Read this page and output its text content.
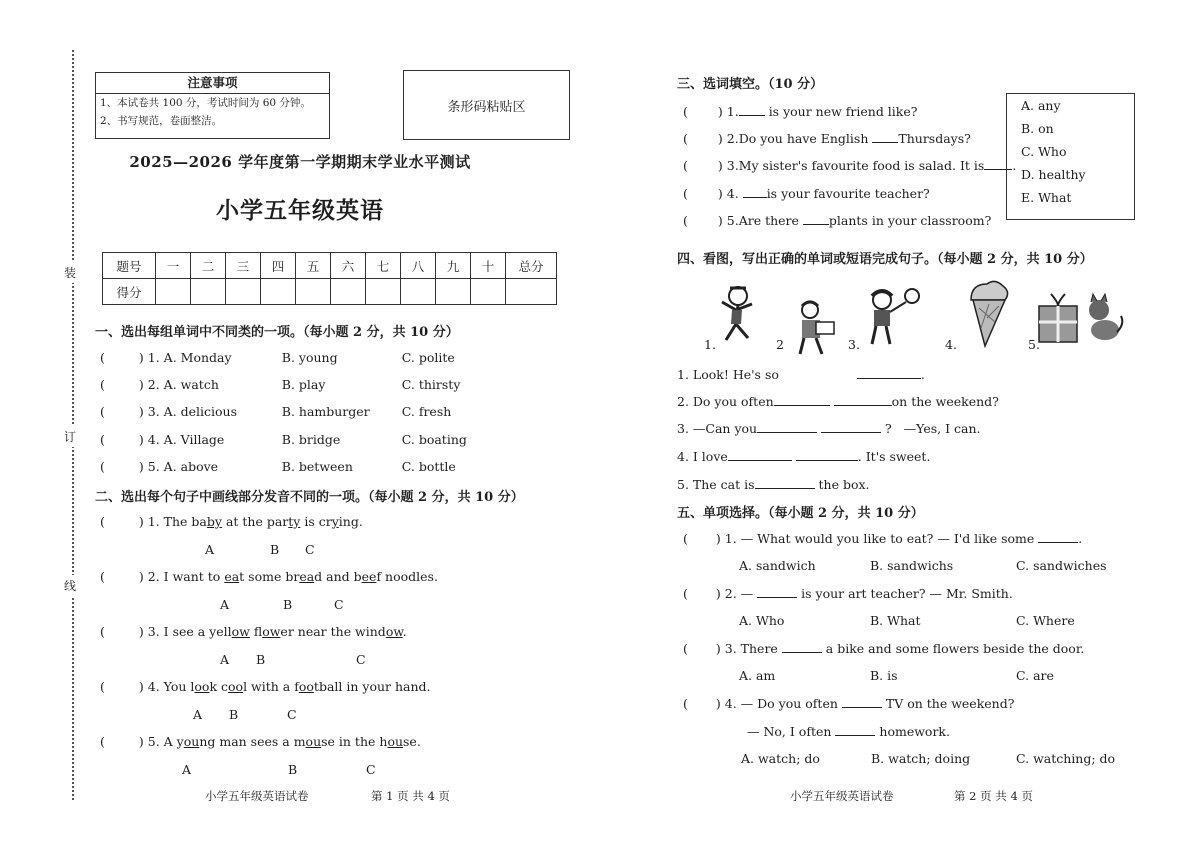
装
订
线
注意事项
1、本试卷共 100 分，考试时间为 60 分钟。
2、书写规范，卷面整洁。
条形码粘贴区
2025—2026 学年度第一学期期末学业水平测试
小学五年级英语
题号	一	二	三	四	五	六	七	八	九	十	总分
得分											
一、选出每组单词中不同类的一项。（每小题 2 分，共 10 分）
(	) 1. A. Monday	B. young	C. polite
(	) 2. A. watch	B. play	C. thirsty
(	) 3. A. delicious	B. hamburger	C. fresh
(	) 4. A. Village	B. bridge	C. boating
(	) 5. A. above	B. between	C. bottle
二、选出每个句子中画线部分发音不同的一项。（每小题 2 分，共 10 分）
(	) 1. The baby at the party is crying.
A	B C
(	) 2. I want to eat some bread and beef noodles.
A	B	C
(	) 3. I see a yellow flower near the window.
A B	C
(	) 4. You look cool with a football in your hand.
A B	C
(	) 5. A young man sees a mouse in the house.
A	B	C
小学五年级英语试卷	第 1 页 共 4 页
三、选词填空。（10 分）
( ) 1. is your new friend like?
( ) 2.Do you have English Thursdays?
( ) 3.My sister's favourite food is salad. It is .
( ) 4. is your favourite teacher?
( ) 5.Are there plants in your classroom?
A. any
B. on
C. Who
D. healthy
E. What
四、看图，写出正确的单词或短语完成句子。（每小题 2 分，共 10 分）
1.	2	3.	4.	5.
1. Look! He's so	.
2. Do you often	on the weekend?
3. —Can you	? —Yes, I can.
4. I love	. It's sweet.
5. The cat is	the box.
五、单项选择。（每小题 2 分，共 10 分）
( ) 1. — What would you like to eat? — I'd like some	.
A. sandwich	B. sandwichs	C. sandwiches
( ) 2. —	is your art teacher? — Mr. Smith.
A. Who	B. What	C. Where
( ) 3. There	a bike and some flowers beside the door.
A. am	B. is	C. are
( ) 4. — Do you often	TV on the weekend?
— No, I often	homework.
A. watch; do	B. watch; doing	C. watching; do
小学五年级英语试卷	第 2 页 共 4 页
